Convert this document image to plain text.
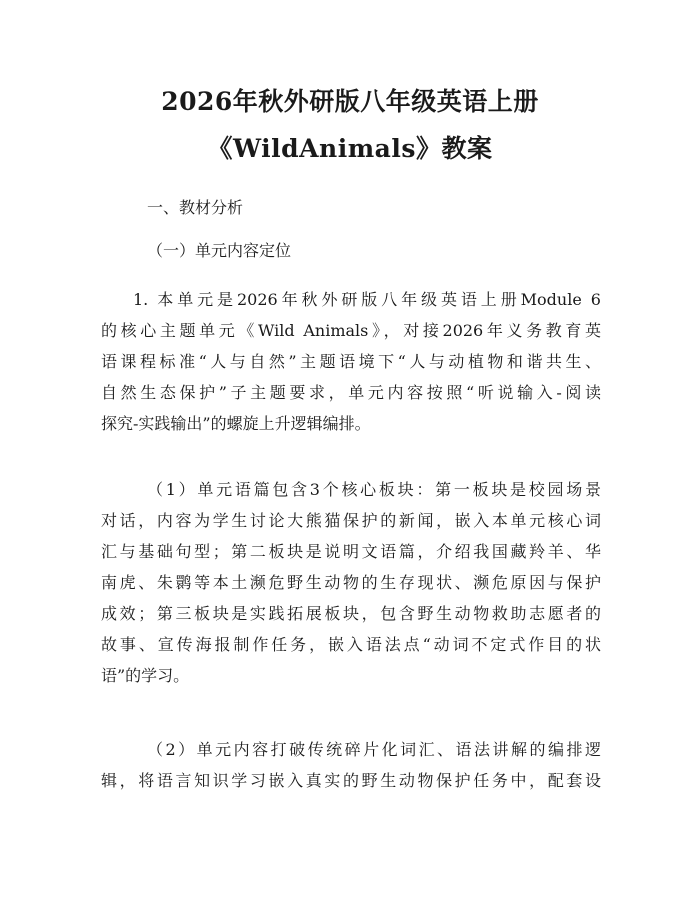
2026年秋外研版八年级英语上册
《WildAnimals》教案
一、教材分析
（一）单元内容定位
1. 本单元是2026年秋外研版八年级英语上册Module 6
的核心主题单元《Wild Animals》，对接2026年义务教育英
语课程标准“人与自然”主题语境下“人与动植物和谐共生、
自然生态保护”子主题要求，单元内容按照“听说输入-阅读
探究-实践输出”的螺旋上升逻辑编排。
（1）单元语篇包含3个核心板块：第一板块是校园场景
对话，内容为学生讨论大熊猫保护的新闻，嵌入本单元核心词
汇与基础句型；第二板块是说明文语篇，介绍我国藏羚羊、华
南虎、朱鹮等本土濒危野生动物的生存现状、濒危原因与保护
成效；第三板块是实践拓展板块，包含野生动物救助志愿者的
故事、宣传海报制作任务，嵌入语法点“动词不定式作目的状
语”的学习。
（2）单元内容打破传统碎片化词汇、语法讲解的编排逻
辑，将语言知识学习嵌入真实的野生动物保护任务中，配套设
